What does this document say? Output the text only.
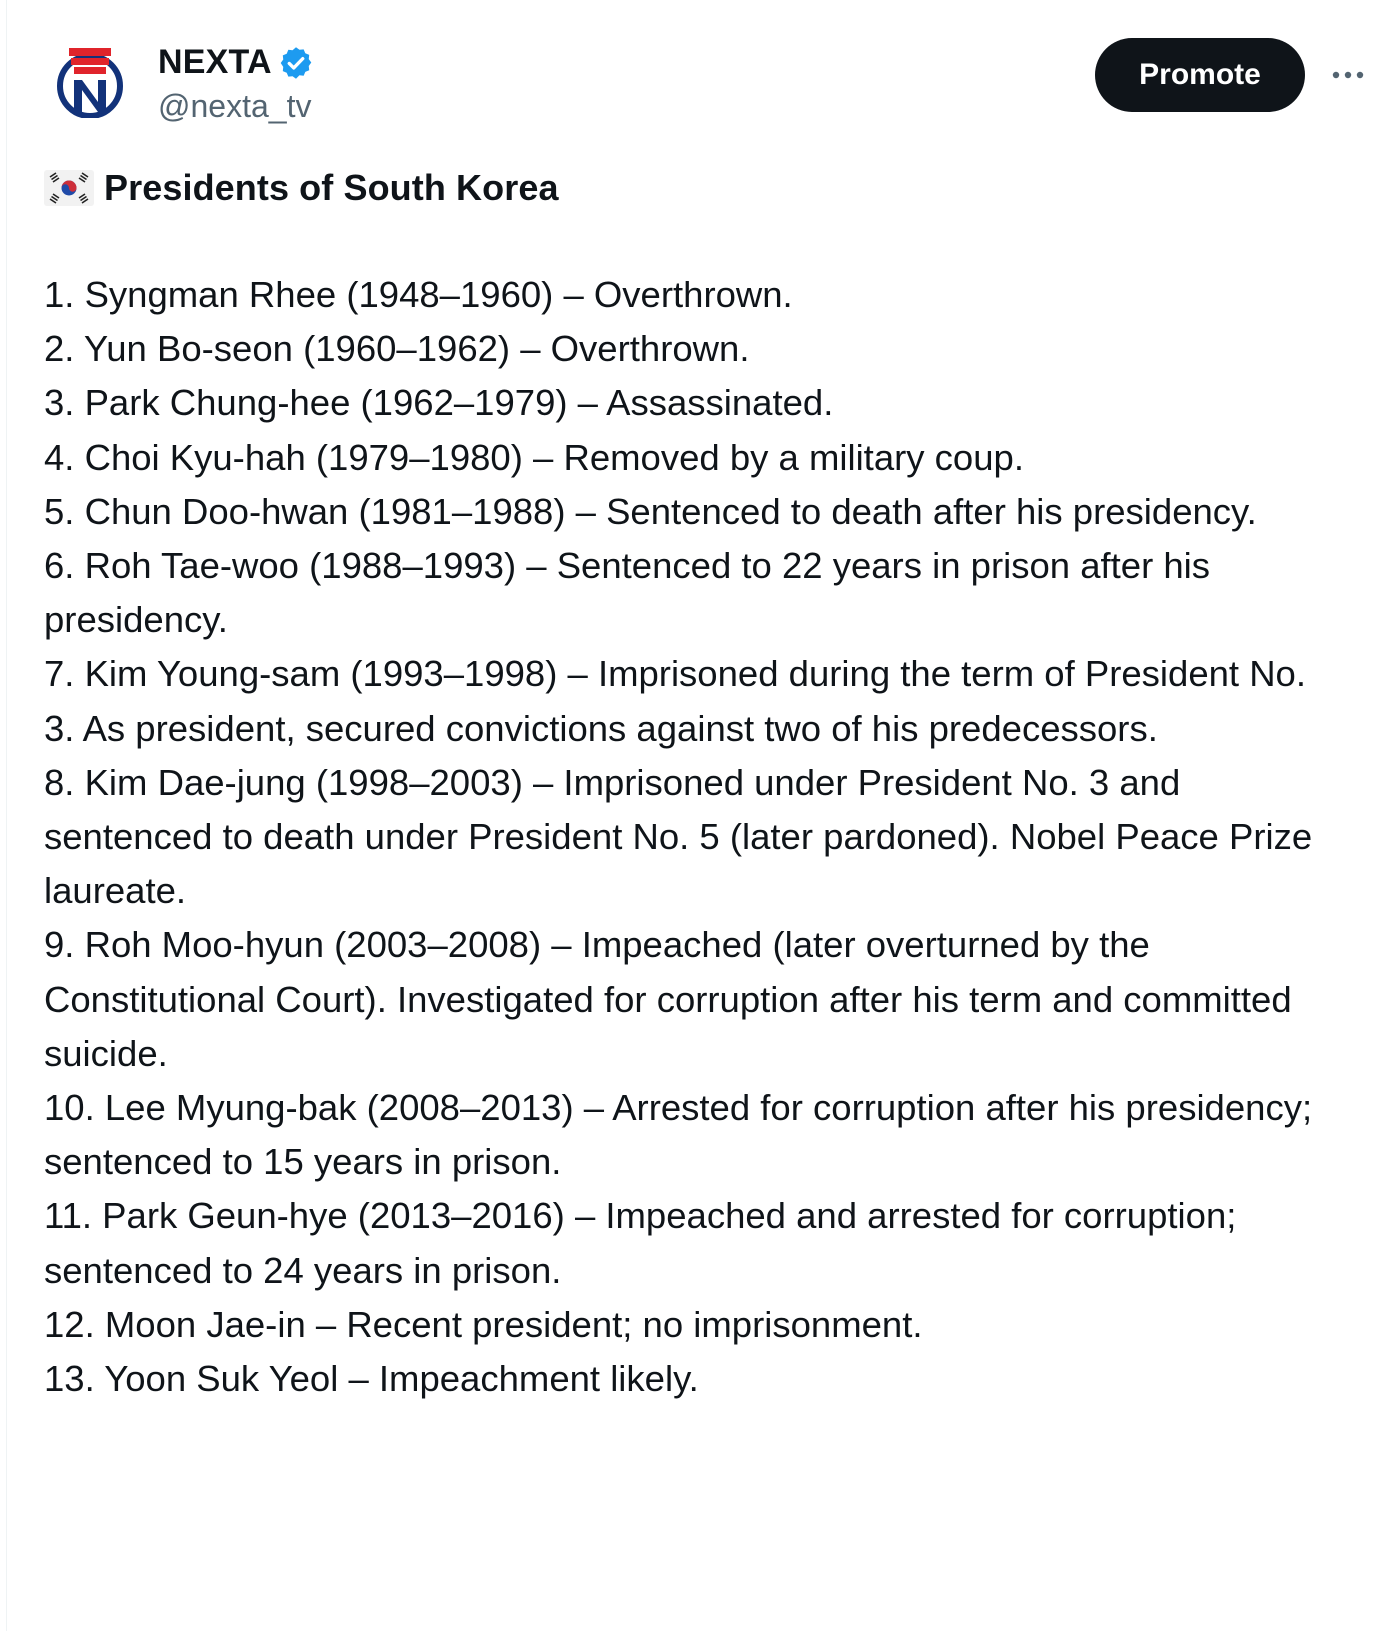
NEXTA
@nexta_tv
Promote
Presidents of South Korea
1. Syngman Rhee (1948–1960) – Overthrown.
2. Yun Bo-seon (1960–1962) – Overthrown.
3. Park Chung-hee (1962–1979) – Assassinated.
4. Choi Kyu-hah (1979–1980) – Removed by a military coup.
5. Chun Doo-hwan (1981–1988) – Sentenced to death after his presidency.
6. Roh Tae-woo (1988–1993) – Sentenced to 22 years in prison after his presidency.
7. Kim Young-sam (1993–1998) – Imprisoned during the term of President No. 3. As president, secured convictions against two of his predecessors.
8. Kim Dae-jung (1998–2003) – Imprisoned under President No. 3 and sentenced to death under President No. 5 (later pardoned). Nobel Peace Prize laureate.
9. Roh Moo-hyun (2003–2008) – Impeached (later overturned by the Constitutional Court). Investigated for corruption after his term and committed suicide.
10. Lee Myung-bak (2008–2013) – Arrested for corruption after his presidency; sentenced to 15 years in prison.
11. Park Geun-hye (2013–2016) – Impeached and arrested for corruption; sentenced to 24 years in prison.
12. Moon Jae-in – Recent president; no imprisonment.
13. Yoon Suk Yeol – Impeachment likely.
